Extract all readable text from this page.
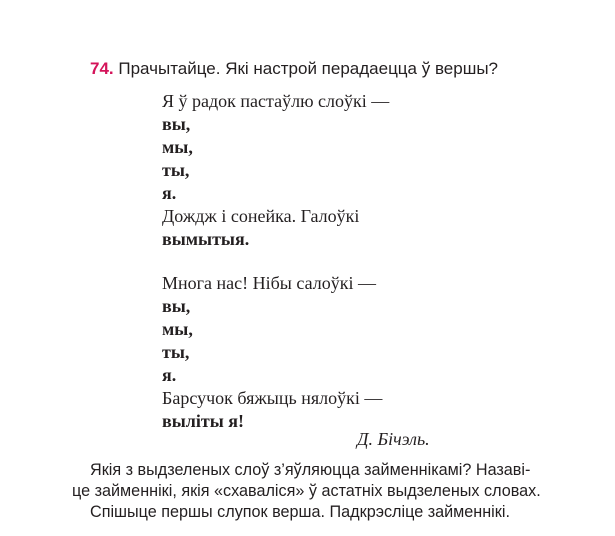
74. Прачытайце. Які настрой перадаецца ў вершы?
Я ў радок пастаўлю слоўкі —
вы,
мы,
ты,
я.
Дождж і сонейка. Галоўкі
вымытыя.
Многа нас! Нібы салоўкі —
вы,
мы,
ты,
я.
Барсучок бяжыць нялоўкі —
выліты я!
Д. Бічэль.
Якія з выдзеленых слоў з’яўляюцца займеннікамі? Назаві-
це займеннікі, якія «схаваліся» ў астатніх выдзеленых словах.
Спішыце першы слупок верша. Падкрэсліце займеннікі.
